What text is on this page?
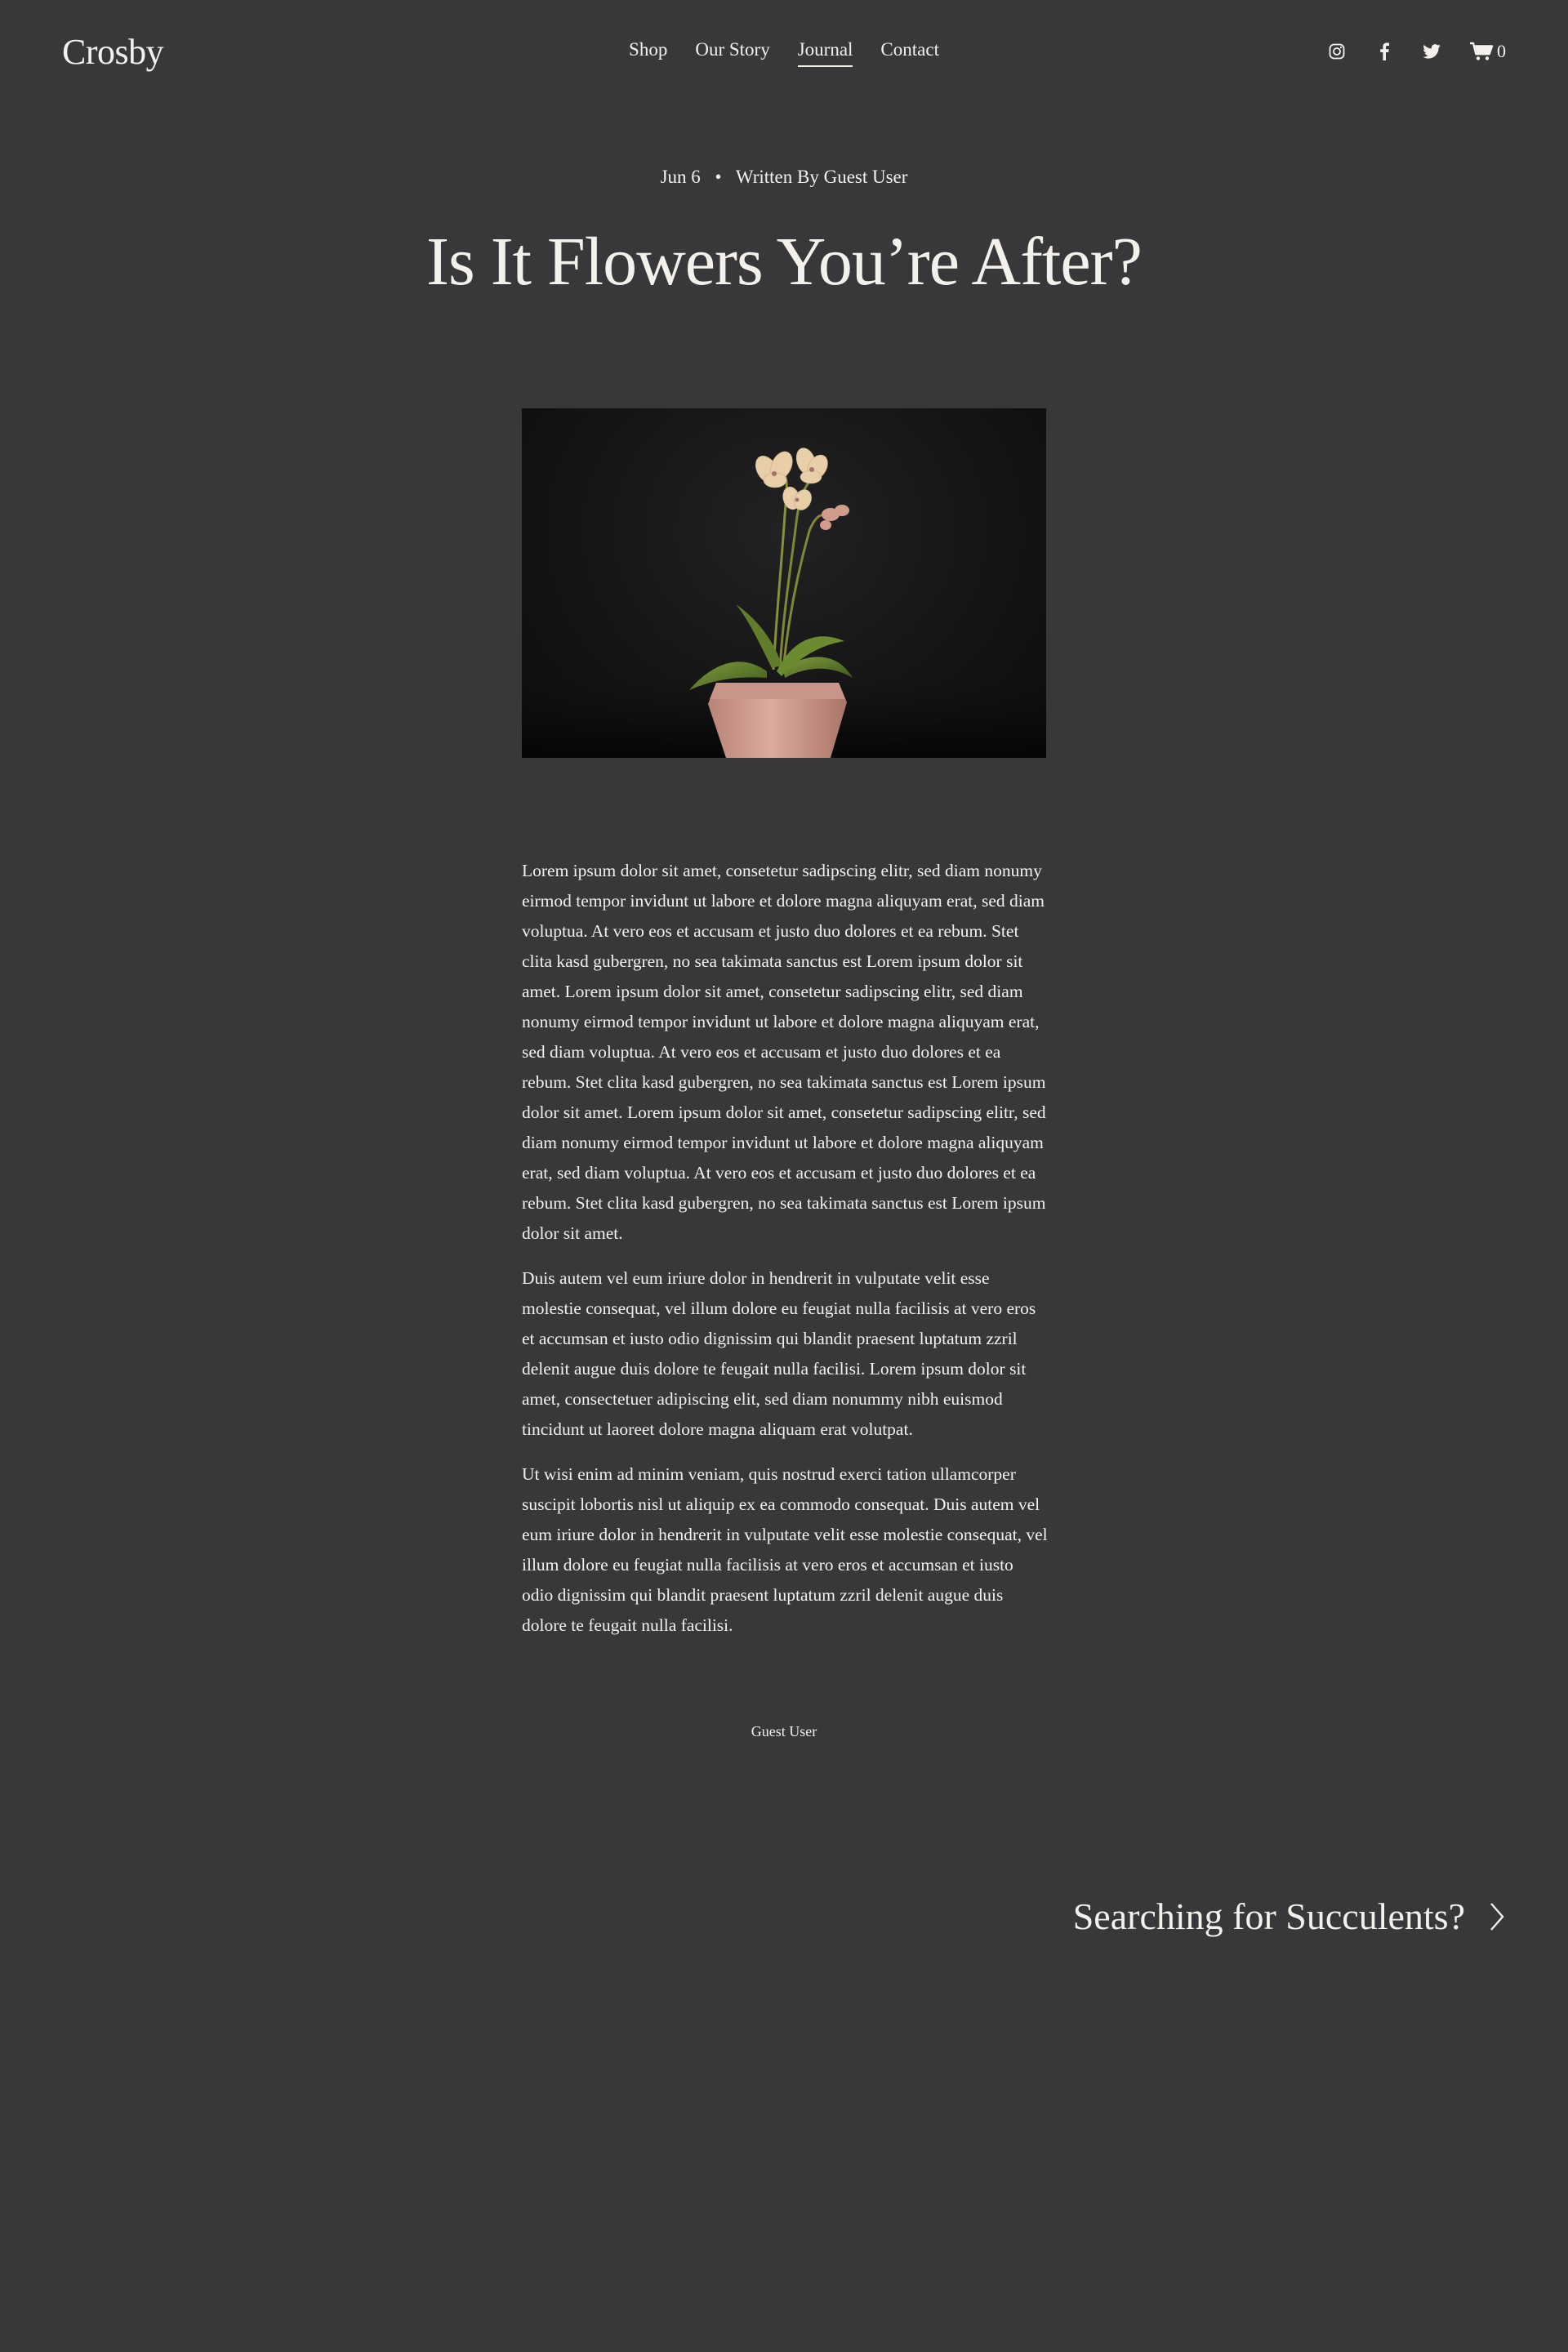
Crosby	Shop Our Story Journal Contact	0
Jun 6 • Written By Guest User
Is It Flowers You’re After?

Lorem ipsum dolor sit amet, consetetur sadipscing elitr, sed diam nonumy eirmod tempor invidunt ut labore et dolore magna aliquyam erat, sed diam voluptua. At vero eos et accusam et justo duo dolores et ea rebum. Stet clita kasd gubergren, no sea takimata sanctus est Lorem ipsum dolor sit amet. Lorem ipsum dolor sit amet, consetetur sadipscing elitr, sed diam nonumy eirmod tempor invidunt ut labore et dolore magna aliquyam erat, sed diam voluptua. At vero eos et accusam et justo duo dolores et ea rebum. Stet clita kasd gubergren, no sea takimata sanctus est Lorem ipsum dolor sit amet. Lorem ipsum dolor sit amet, consetetur sadipscing elitr, sed diam nonumy eirmod tempor invidunt ut labore et dolore magna aliquyam erat, sed diam voluptua. At vero eos et accusam et justo duo dolores et ea rebum. Stet clita kasd gubergren, no sea takimata sanctus est Lorem ipsum dolor sit amet.

Duis autem vel eum iriure dolor in hendrerit in vulputate velit esse molestie consequat, vel illum dolore eu feugiat nulla facilisis at vero eros et accumsan et iusto odio dignissim qui blandit praesent luptatum zzril delenit augue duis dolore te feugait nulla facilisi. Lorem ipsum dolor sit amet, consectetuer adipiscing elit, sed diam nonummy nibh euismod tincidunt ut laoreet dolore magna aliquam erat volutpat.

Ut wisi enim ad minim veniam, quis nostrud exerci tation ullamcorper suscipit lobortis nisl ut aliquip ex ea commodo consequat. Duis autem vel eum iriure dolor in hendrerit in vulputate velit esse molestie consequat, vel illum dolore eu feugiat nulla facilisis at vero eros et accumsan et iusto odio dignissim qui blandit praesent luptatum zzril delenit augue duis dolore te feugait nulla facilisi.

Guest User
Searching for Succulents?
